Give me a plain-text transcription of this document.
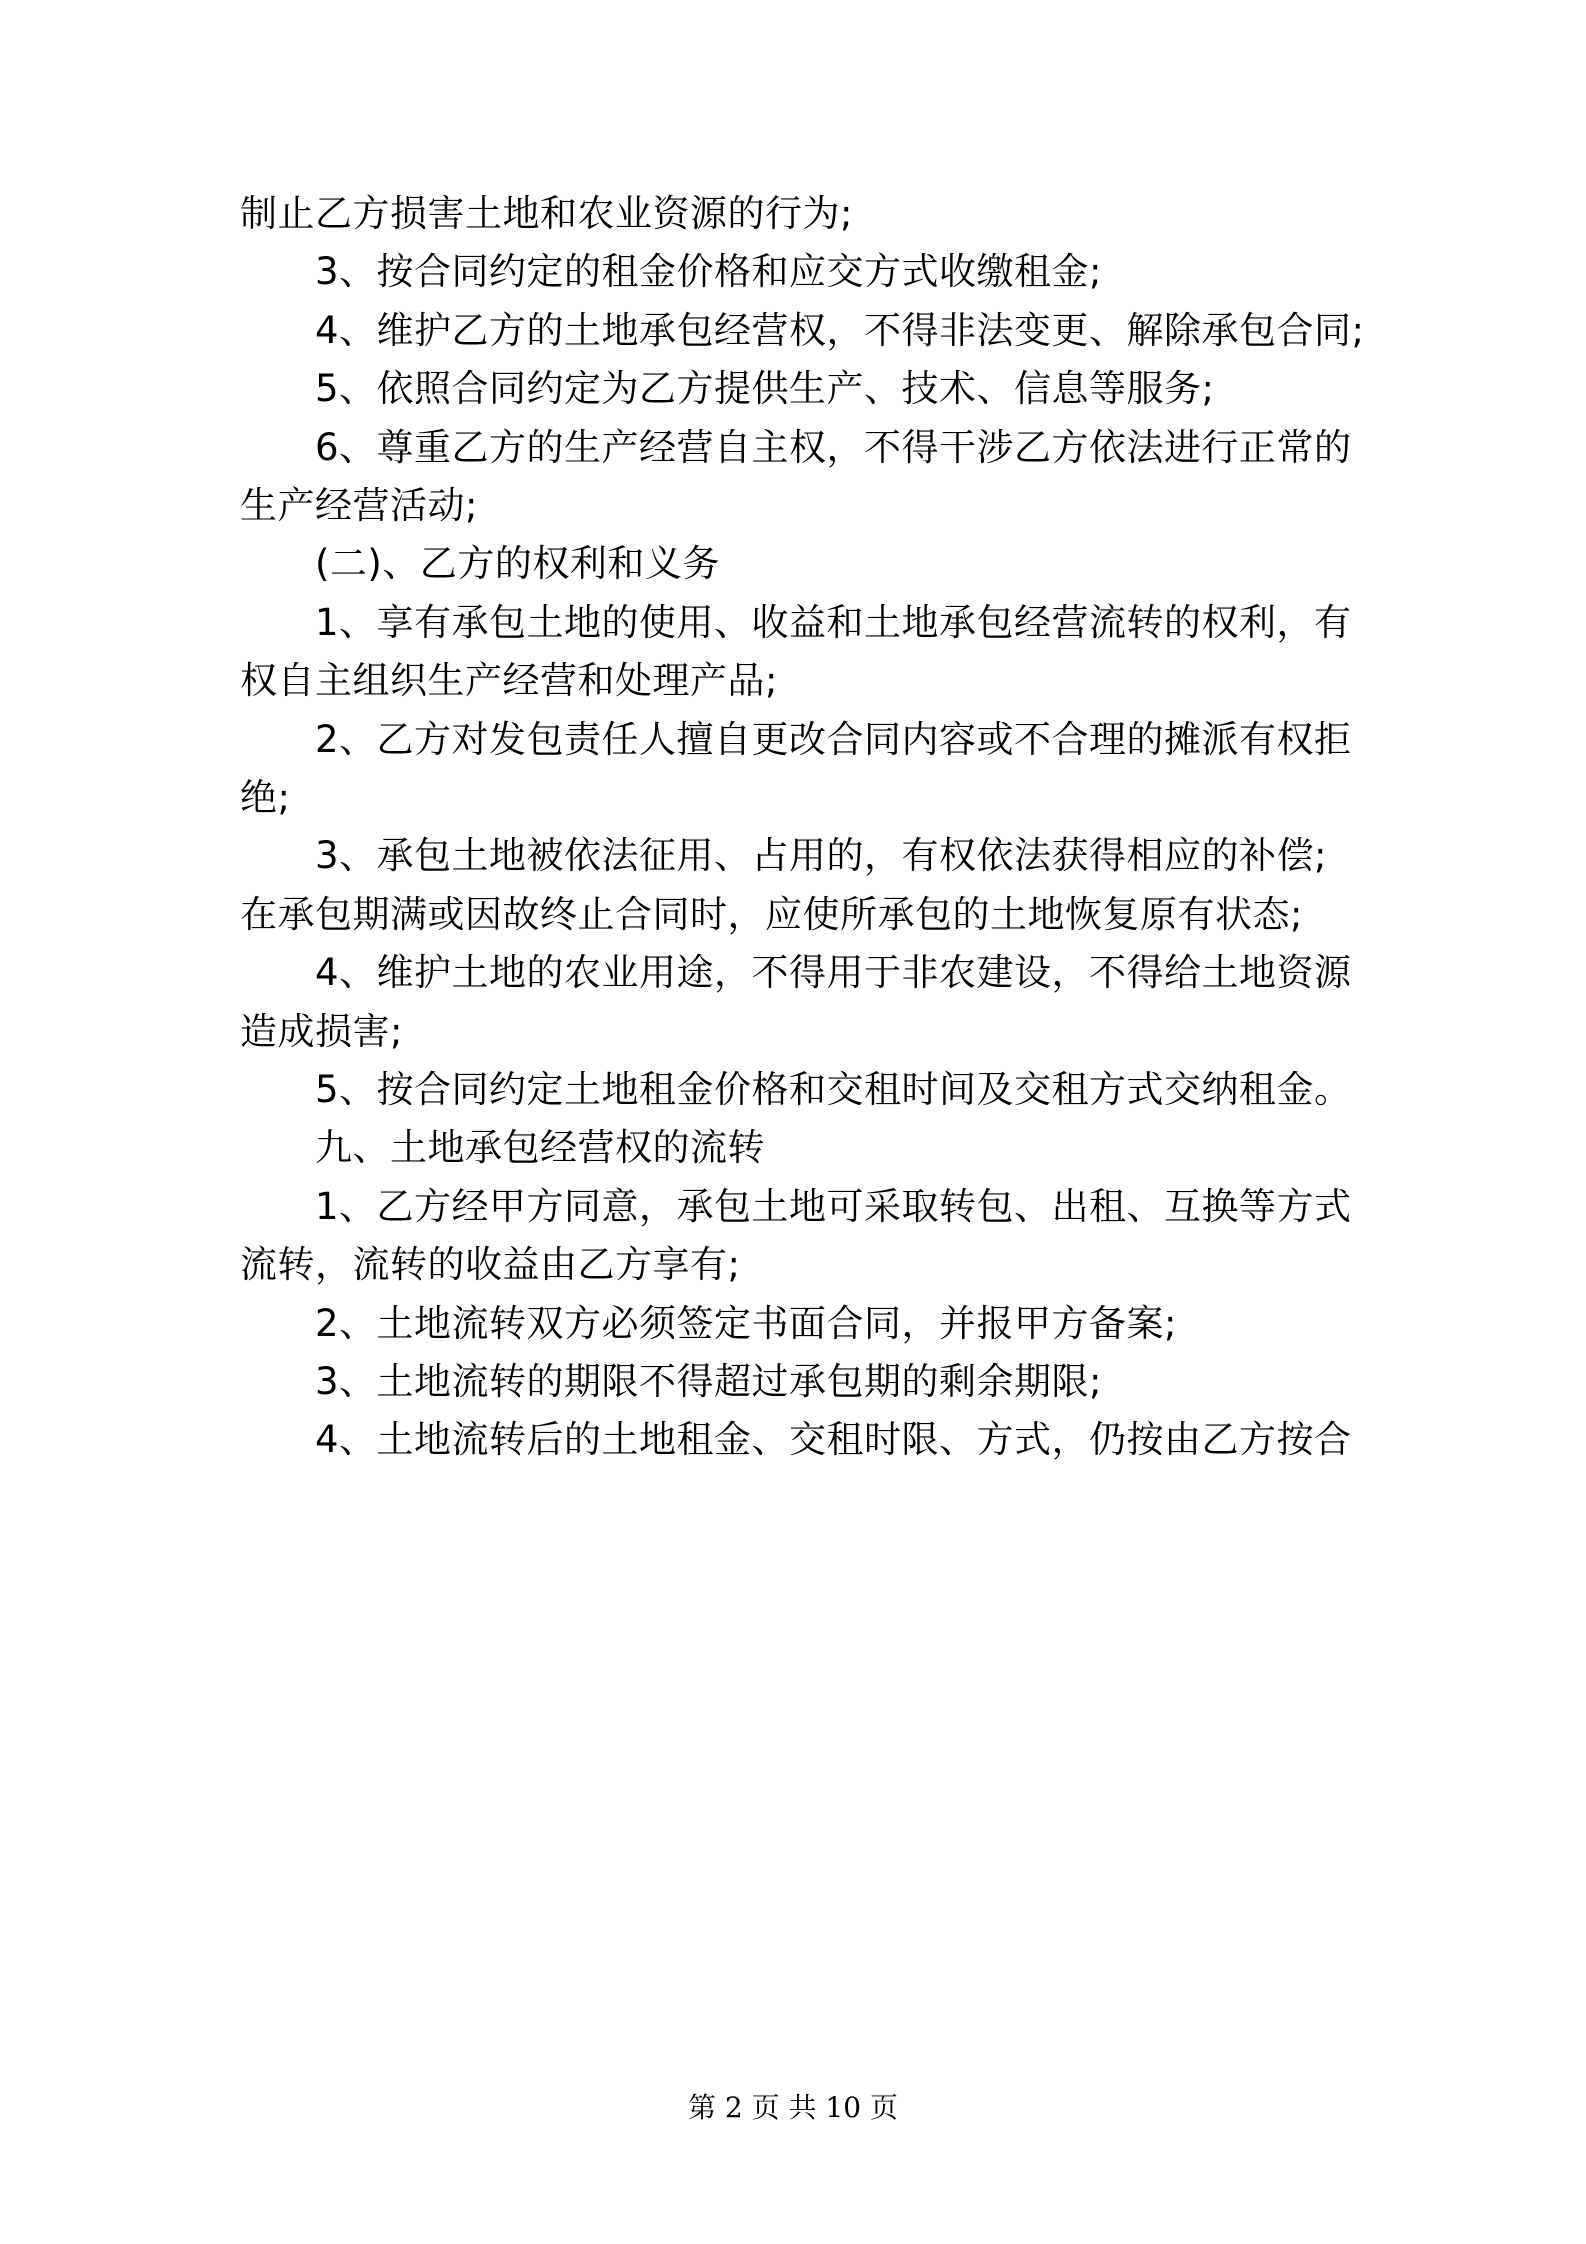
制止乙方损害土地和农业资源的行为;
3、按合同约定的租金价格和应交方式收缴租金;
4、维护乙方的土地承包经营权，不得非法变更、解除承包合同;
5、依照合同约定为乙方提供生产、技术、信息等服务;
6、尊重乙方的生产经营自主权，不得干涉乙方依法进行正常的
生产经营活动;
(二)、乙方的权利和义务
1、享有承包土地的使用、收益和土地承包经营流转的权利，有
权自主组织生产经营和处理产品;
2、乙方对发包责任人擅自更改合同内容或不合理的摊派有权拒
绝;
3、承包土地被依法征用、占用的，有权依法获得相应的补偿;
在承包期满或因故终止合同时，应使所承包的土地恢复原有状态;
4、维护土地的农业用途，不得用于非农建设，不得给土地资源
造成损害;
5、按合同约定土地租金价格和交租时间及交租方式交纳租金。
九、土地承包经营权的流转
1、乙方经甲方同意，承包土地可采取转包、出租、互换等方式
流转，流转的收益由乙方享有;
2、土地流转双方必须签定书面合同，并报甲方备案;
3、土地流转的期限不得超过承包期的剩余期限;
4、土地流转后的土地租金、交租时限、方式，仍按由乙方按合
第 2 页 共 10 页
